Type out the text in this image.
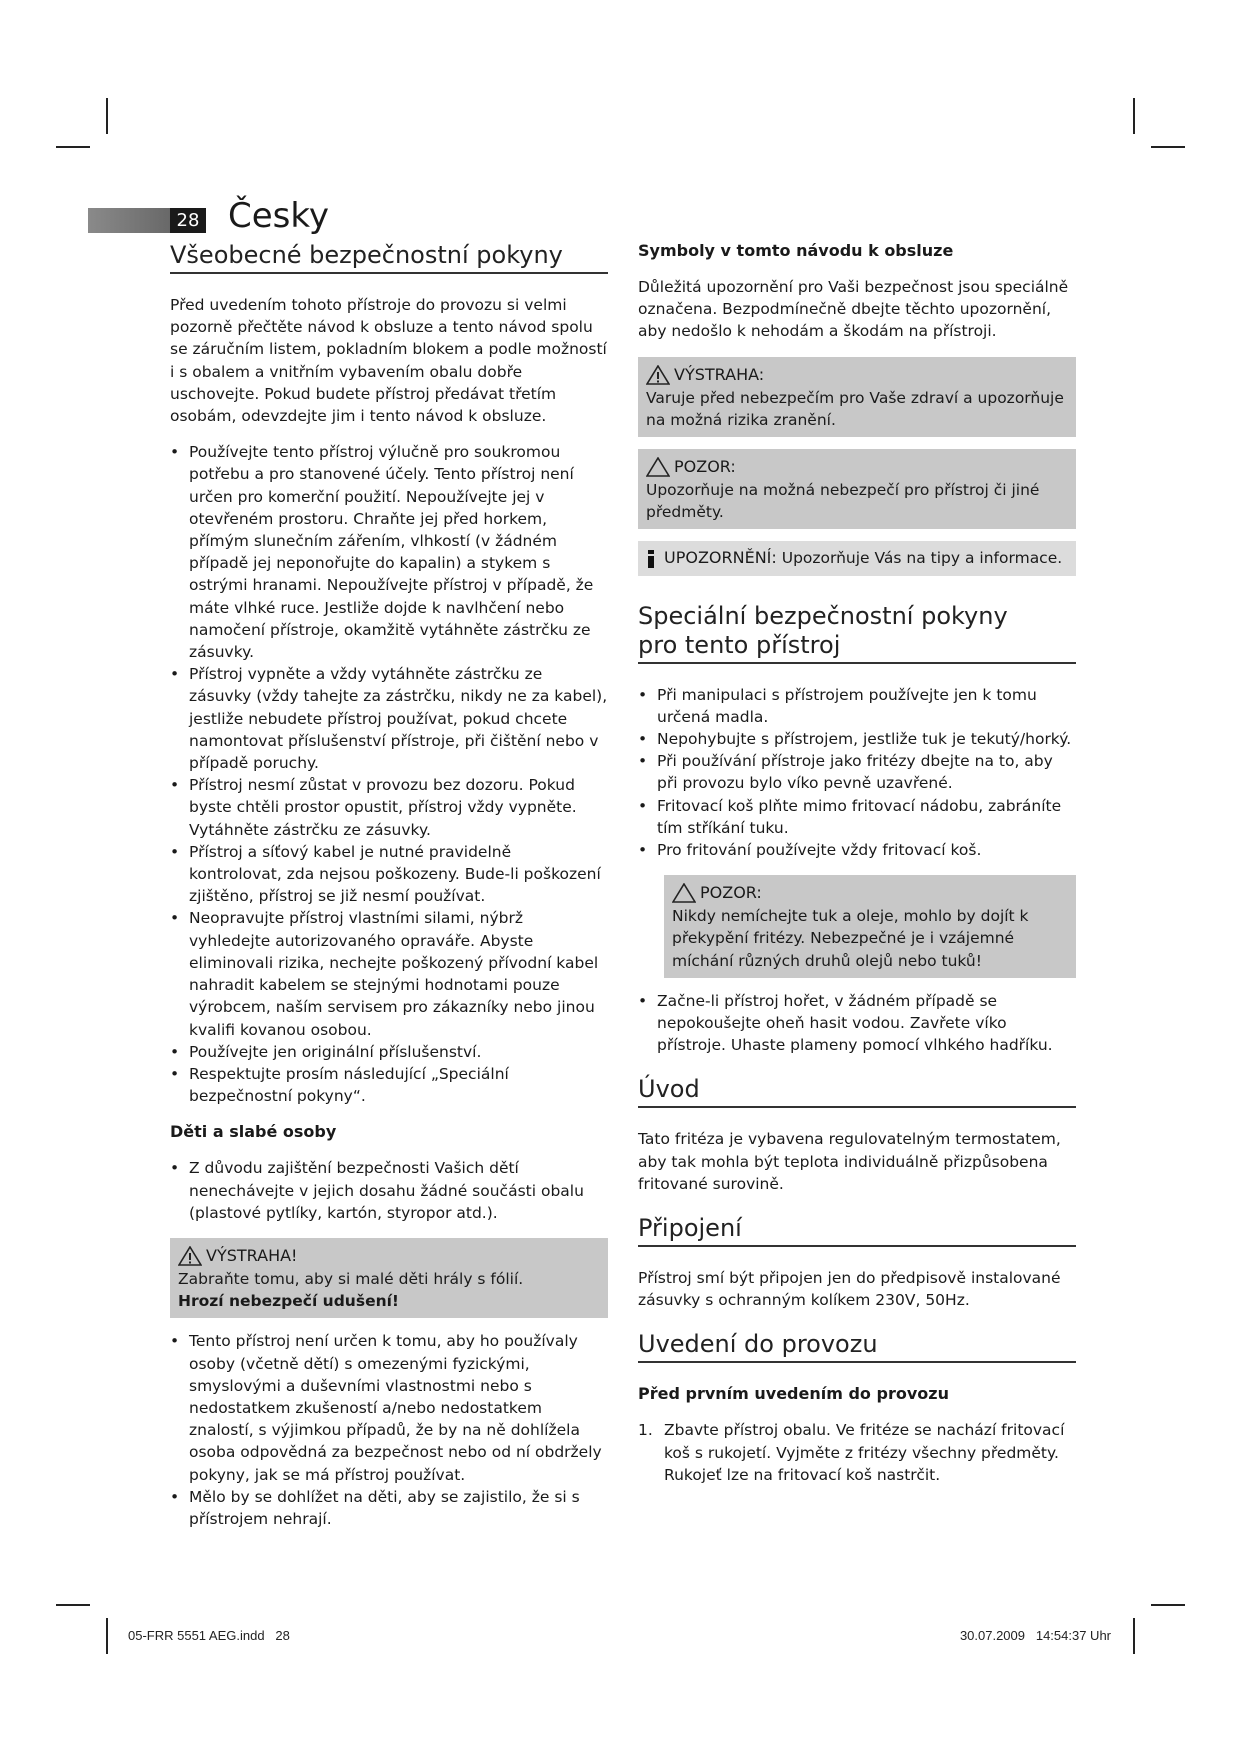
28 Česky
Všeobecné bezpečnostní pokyny

Před uvedením tohoto přístroje do provozu si velmi pozorně přečtěte návod k obsluze a tento návod spolu se záručním listem, pokladním blokem a podle možností i s obalem a vnitřním vybavením obalu dobře uschovejte. Pokud budete přístroj předávat třetím osobám, odevzdejte jim i tento návod k obsluze.

• Používejte tento přístroj výlučně pro soukromou potřebu a pro stanovené účely. Tento přístroj není určen pro komerční použití. Nepoužívejte jej v otevřeném prostoru. Chraňte jej před horkem, přímým slunečním zářením, vlhkostí (v žádném případě jej neponořujte do kapalin) a stykem s ostrými hranami. Nepoužívejte přístroj v případě, že máte vlhké ruce. Jestliže dojde k navlhčení nebo namočení přístroje, okamžitě vytáhněte zástrčku ze zásuvky.
• Přístroj vypněte a vždy vytáhněte zástrčku ze zásuvky (vždy tahejte za zástrčku, nikdy ne za kabel), jestliže nebudete přístroj používat, pokud chcete namontovat příslušenství přístroje, při čištění nebo v případě poruchy.
• Přístroj nesmí zůstat v provozu bez dozoru. Pokud byste chtěli prostor opustit, přístroj vždy vypněte. Vytáhněte zástrčku ze zásuvky.
• Přístroj a síťový kabel je nutné pravidelně kontrolovat, zda nejsou poškozeny. Bude-li poškození zjištěno, přístroj se již nesmí používat.
• Neopravujte přístroj vlastními silami, nýbrž vyhledejte autorizovaného opraváře. Abyste eliminovali rizika, nechejte poškozený přívodní kabel nahradit kabelem se stejnými hodnotami pouze výrobcem, naším servisem pro zákazníky nebo jinou kvalifi kovanou osobou.
• Používejte jen originální příslušenství.
• Respektujte prosím následující „Speciální bezpečnostní pokyny“.
Děti a slabé osoby
• Z důvodu zajištění bezpečnosti Vašich dětí nenechávejte v jejich dosahu žádné součásti obalu (plastové pytlíky, kartón, styropor atd.).
VÝSTRAHA!

Zabraňte tomu, aby si malé děti hrály s fólií.

Hrozí nebezpečí udušení!

• Tento přístroj není určen k tomu, aby ho používaly osoby (včetně dětí) s omezenými fyzickými, smyslovými a duševními vlastnostmi nebo s nedostatkem zkušeností a/nebo nedostatkem znalostí, s výjimkou případů, že by na ně dohlížela osoba odpovědná za bezpečnost nebo od ní obdržely pokyny, jak se má přístroj používat.
• Mělo by se dohlížet na děti, aby se zajistilo, že si s přístrojem nehrají.
Symboly v tomto návodu k obsluze

Důležitá upozornění pro Vaši bezpečnost jsou speciálně označena. Bezpodmínečně dbejte těchto upozornění, aby nedošlo k nehodám a škodám na přístroji.

VÝSTRAHA:

Varuje před nebezpečím pro Vaše zdraví a upozorňuje na možná rizika zranění.

POZOR:

Upozorňuje na možná nebezpečí pro přístroj či jiné předměty.

UPOZORNĚNÍ: Upozorňuje Vás na tipy a informace.

Speciální bezpečnostní pokyny
pro tento přístroj
• Při manipulaci s přístrojem používejte jen k tomu určená madla.
• Nepohybujte s přístrojem, jestliže tuk je tekutý/horký.
• Při používání přístroje jako fritézy dbejte na to, aby při provozu bylo víko pevně uzavřené.
• Fritovací koš plňte mimo fritovací nádobu, zabráníte tím stříkání tuku.
• Pro fritování používejte vždy fritovací koš.
POZOR:

Nikdy nemíchejte tuk a oleje, mohlo by dojít k překypění fritézy. Nebezpečné je i vzájemné míchání různých druhů olejů nebo tuků!

• Začne-li přístroj hořet, v žádném případě se nepokoušejte oheň hasit vodou. Zavřete víko přístroje. Uhaste plameny pomocí vlhkého hadříku.
Úvod

Tato fritéza je vybavena regulovatelným termostatem, aby tak mohla být teplota individuálně přizpůsobena fritované surovině.

Připojení

Přístroj smí být připojen jen do předpisově instalované zásuvky s ochranným kolíkem 230V, 50Hz.

Uvedení do provozu
Před prvním uvedením do provozu
1. Zbavte přístroj obalu. Ve fritéze se nachází fritovací koš s rukojetí. Vyjměte z fritézy všechny předměty. Rukojeť lze na fritovací koš nastrčit.
05-FRR 5551 AEG.indd   28	30.07.2009   14:54:37 Uhr
